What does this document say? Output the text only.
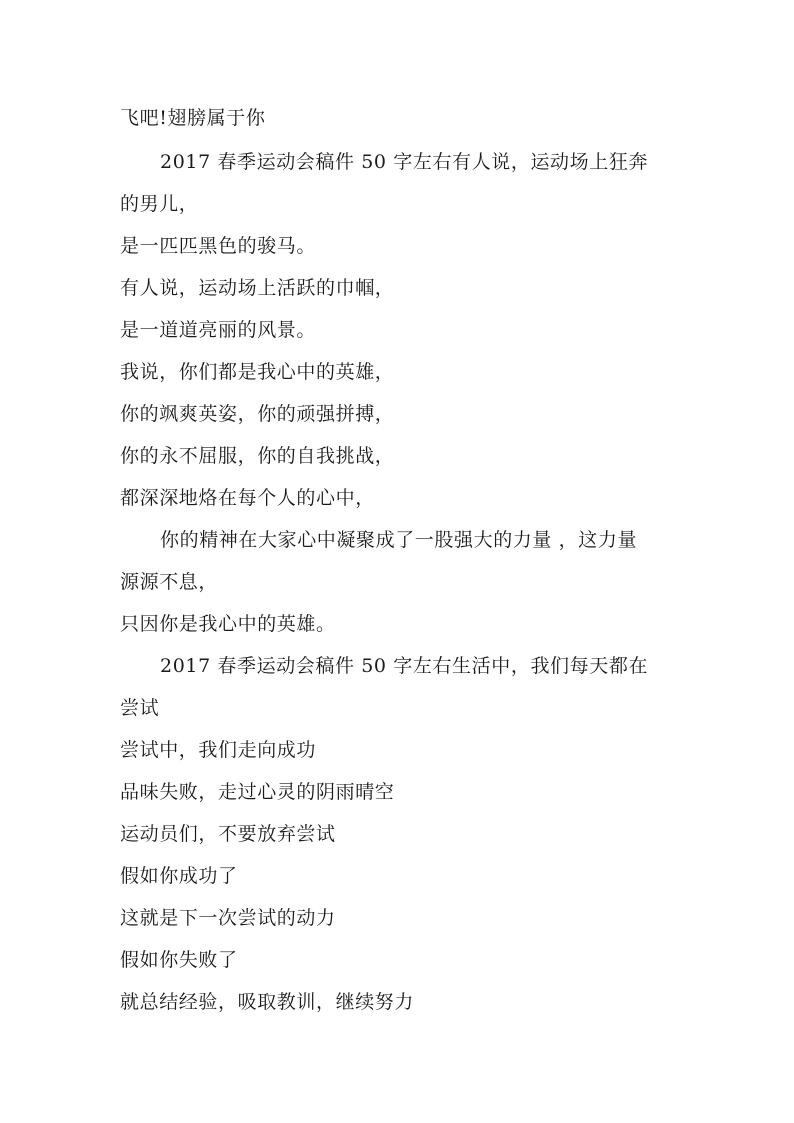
飞吧!翅膀属于你

2017 春季运动会稿件 50 字左右有人说，运动场上狂奔

的男儿，

是一匹匹黑色的骏马。

有人说，运动场上活跃的巾帼，

是一道道亮丽的风景。

我说，你们都是我心中的英雄，

你的飒爽英姿，你的顽强拼搏，

你的永不屈服，你的自我挑战，

都深深地烙在每个人的心中，

你的精神在大家心中凝聚成了一股强大的力量 ，这力量

源源不息，

只因你是我心中的英雄。

2017 春季运动会稿件 50 字左右生活中，我们每天都在

尝试

尝试中，我们走向成功

品味失败，走过心灵的阴雨晴空

运动员们，不要放弃尝试

假如你成功了

这就是下一次尝试的动力

假如你失败了

就总结经验，吸取教训，继续努力
